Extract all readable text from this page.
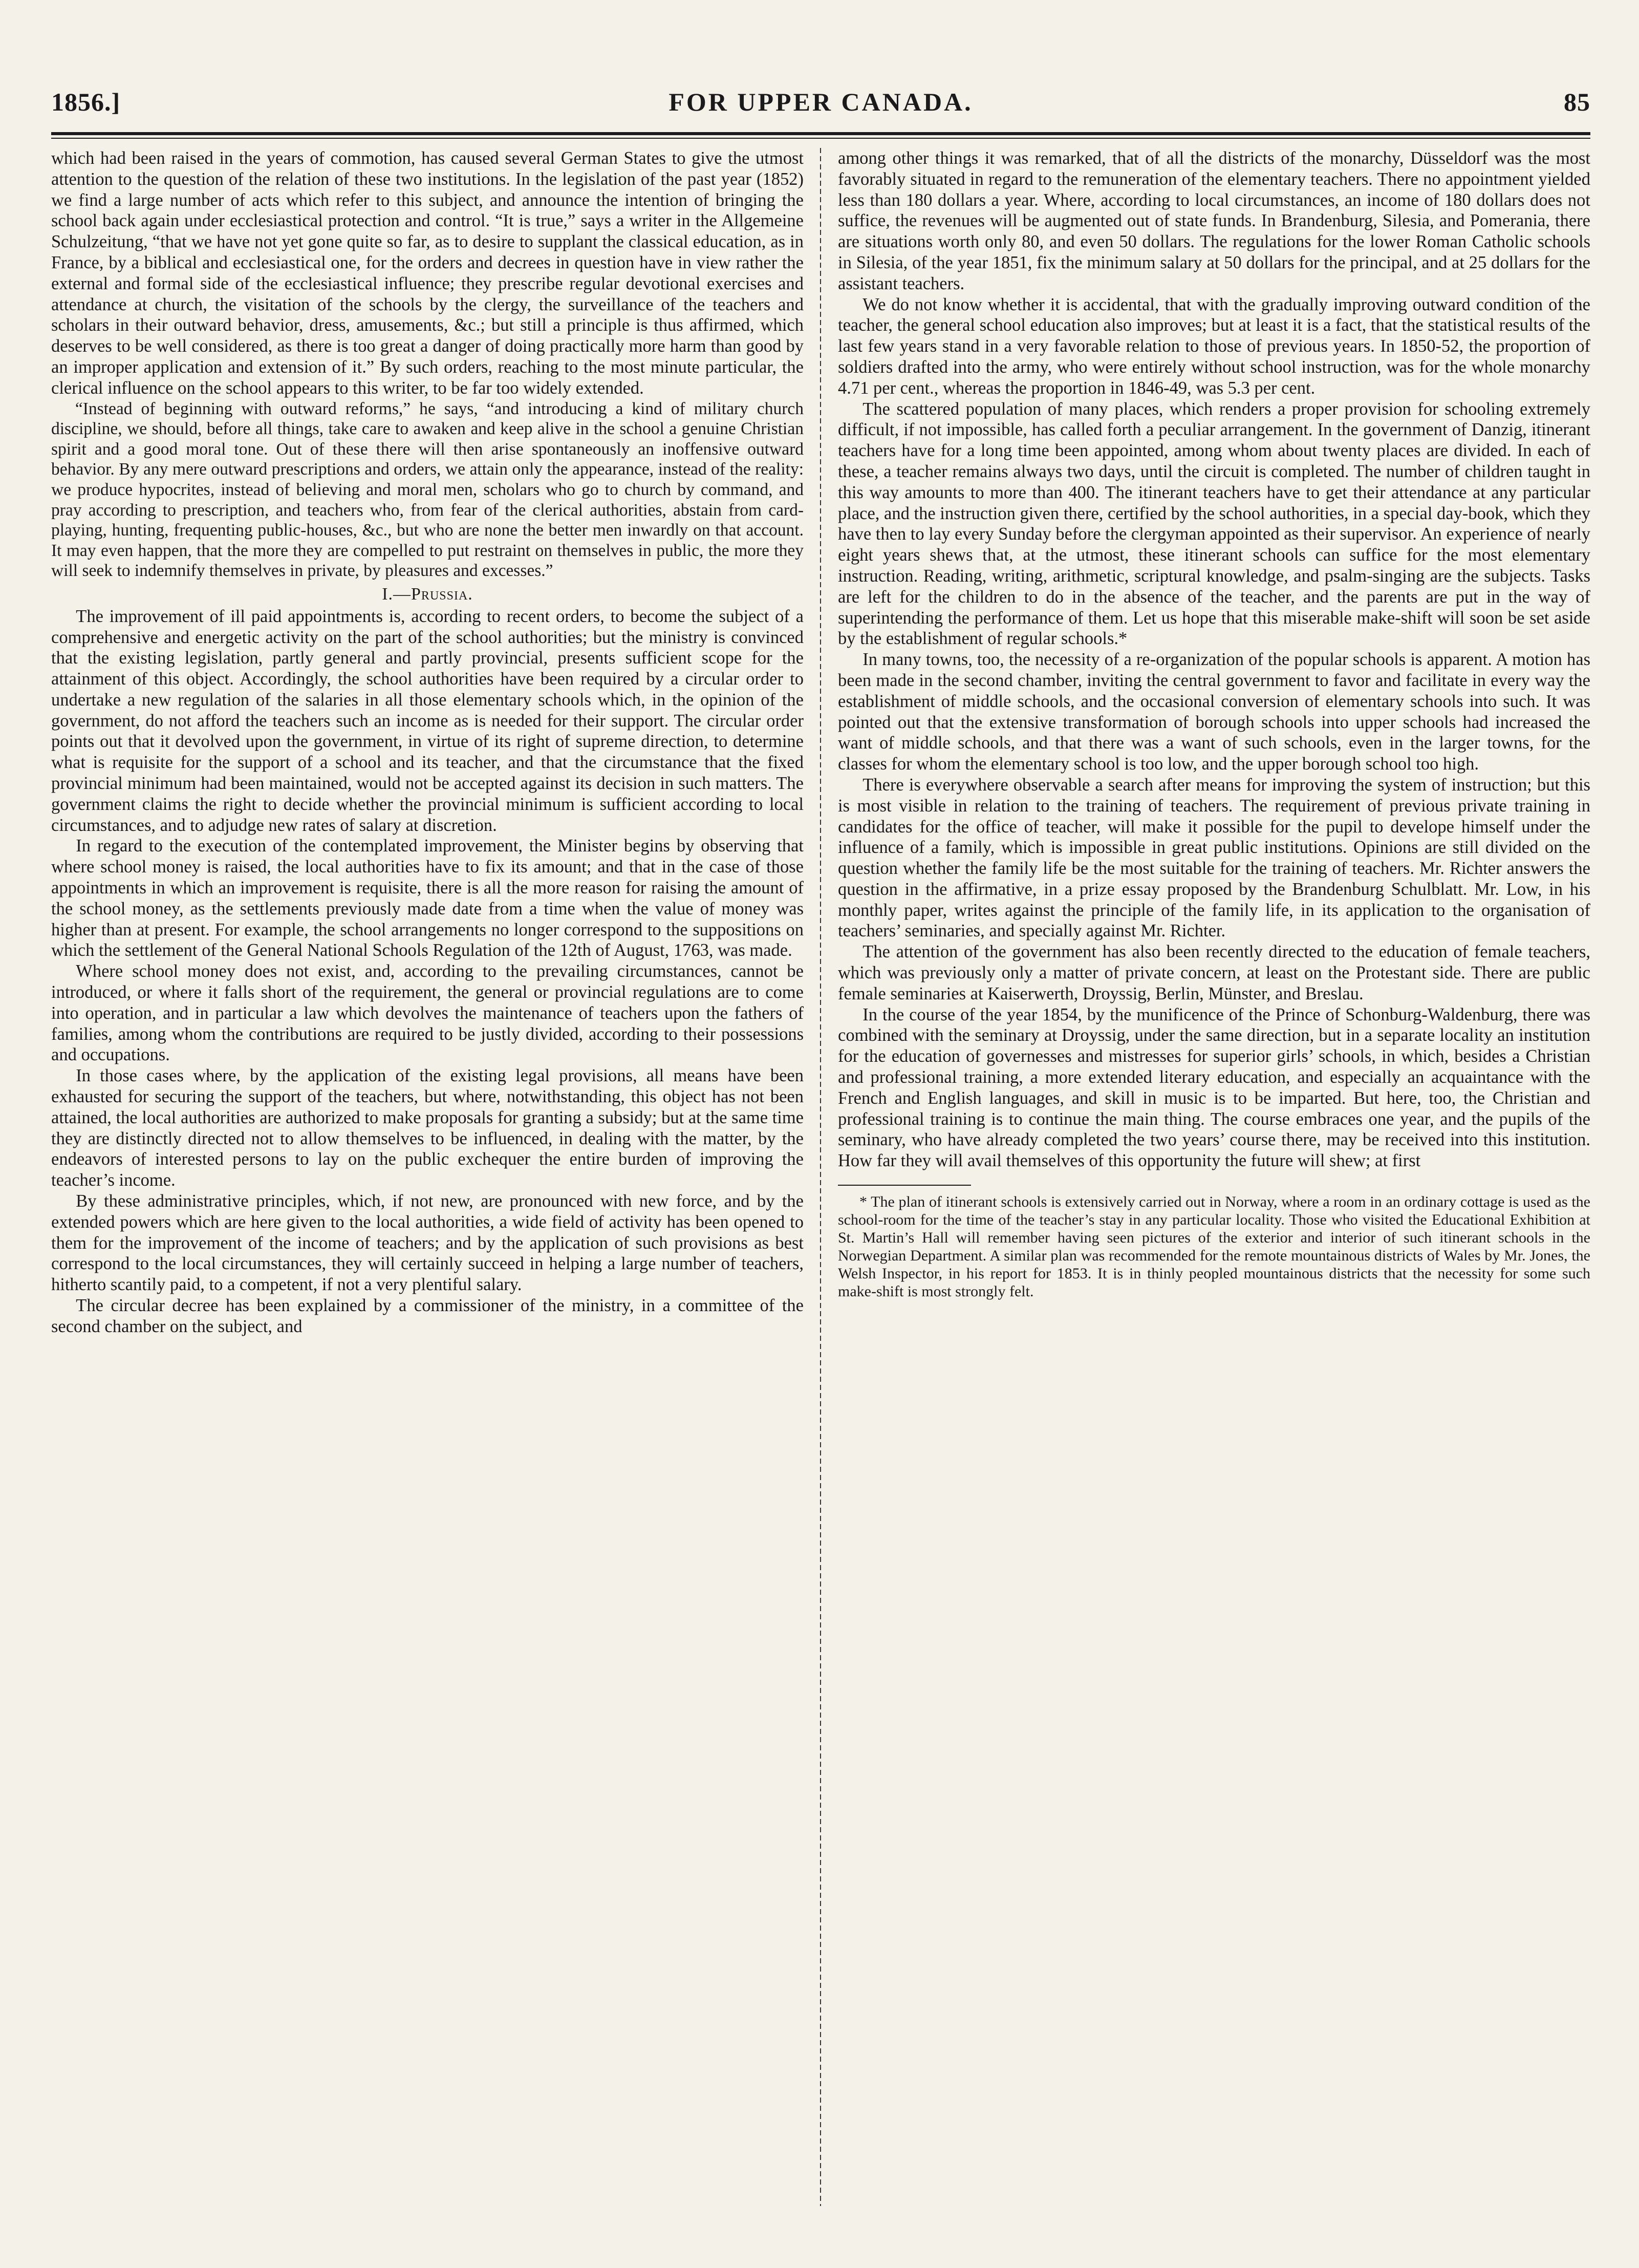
1856.]	FOR UPPER CANADA.	85

which had been raised in the years of commotion, has caused several German States to give the utmost attention to the question of the relation of these two institutions. In the legislation of the past year (1852) we find a large number of acts which refer to this subject, and announce the intention of bringing the school back again under ecclesiastical protection and control. “It is true,” says a writer in the Allgemeine Schulzeitung, “that we have not yet gone quite so far, as to desire to supplant the classical education, as in France, by a biblical and ecclesiastical one, for the orders and decrees in question have in view rather the external and formal side of the ecclesiastical influence; they prescribe regular devotional exercises and attendance at church, the visitation of the schools by the clergy, the surveillance of the teachers and scholars in their outward behavior, dress, amusements, &c.; but still a principle is thus affirmed, which deserves to be well considered, as there is too great a danger of doing practically more harm than good by an improper application and extension of it.” By such orders, reaching to the most minute particular, the clerical influence on the school appears to this writer, to be far too widely extended.

“Instead of beginning with outward reforms,” he says, “and introducing a kind of military church discipline, we should, before all things, take care to awaken and keep alive in the school a genuine Christian spirit and a good moral tone. Out of these there will then arise spontaneously an inoffensive outward behavior. By any mere outward prescriptions and orders, we attain only the appearance, instead of the reality: we produce hypocrites, instead of believing and moral men, scholars who go to church by command, and pray according to prescription, and teachers who, from fear of the clerical authorities, abstain from card-playing, hunting, frequenting public-houses, &c., but who are none the better men inwardly on that account. It may even happen, that the more they are compelled to put restraint on themselves in public, the more they will seek to indemnify themselves in private, by pleasures and excesses.”

I.—Prussia.

The improvement of ill paid appointments is, according to recent orders, to become the subject of a comprehensive and energetic activity on the part of the school authorities; but the ministry is convinced that the existing legislation, partly general and partly provincial, presents sufficient scope for the attainment of this object. Accordingly, the school authorities have been required by a circular order to undertake a new regulation of the salaries in all those elementary schools which, in the opinion of the government, do not afford the teachers such an income as is needed for their support. The circular order points out that it devolved upon the government, in virtue of its right of supreme direction, to determine what is requisite for the support of a school and its teacher, and that the circumstance that the fixed provincial minimum had been maintained, would not be accepted against its decision in such matters. The government claims the right to decide whether the provincial minimum is sufficient according to local circumstances, and to adjudge new rates of salary at discretion.

In regard to the execution of the contemplated improvement, the Minister begins by observing that where school money is raised, the local authorities have to fix its amount; and that in the case of those appointments in which an improvement is requisite, there is all the more reason for raising the amount of the school money, as the settlements previously made date from a time when the value of money was higher than at present. For example, the school arrangements no longer correspond to the suppositions on which the settlement of the General National Schools Regulation of the 12th of August, 1763, was made.

Where school money does not exist, and, according to the prevailing circumstances, cannot be introduced, or where it falls short of the requirement, the general or provincial regulations are to come into operation, and in particular a law which devolves the maintenance of teachers upon the fathers of families, among whom the contributions are required to be justly divided, according to their possessions and occupations.

In those cases where, by the application of the existing legal provisions, all means have been exhausted for securing the support of the teachers, but where, notwithstanding, this object has not been attained, the local authorities are authorized to make proposals for granting a subsidy; but at the same time they are distinctly directed not to allow themselves to be influenced, in dealing with the matter, by the endeavors of interested persons to lay on the public exchequer the entire burden of improving the teacher’s income.

By these administrative principles, which, if not new, are pronounced with new force, and by the extended powers which are here given to the local authorities, a wide field of activity has been opened to them for the improvement of the income of teachers; and by the application of such provisions as best correspond to the local circumstances, they will certainly succeed in helping a large number of teachers, hitherto scantily paid, to a competent, if not a very plentiful salary.

The circular decree has been explained by a commissioner of the ministry, in a committee of the second chamber on the subject, and

among other things it was remarked, that of all the districts of the monarchy, Düsseldorf was the most favorably situated in regard to the remuneration of the elementary teachers. There no appointment yielded less than 180 dollars a year. Where, according to local circumstances, an income of 180 dollars does not suffice, the revenues will be augmented out of state funds. In Brandenburg, Silesia, and Pomerania, there are situations worth only 80, and even 50 dollars. The regulations for the lower Roman Catholic schools in Silesia, of the year 1851, fix the minimum salary at 50 dollars for the principal, and at 25 dollars for the assistant teachers.

We do not know whether it is accidental, that with the gradually improving outward condition of the teacher, the general school education also improves; but at least it is a fact, that the statistical results of the last few years stand in a very favorable relation to those of previous years. In 1850-52, the proportion of soldiers drafted into the army, who were entirely without school instruction, was for the whole monarchy 4.71 per cent., whereas the proportion in 1846-49, was 5.3 per cent.

The scattered population of many places, which renders a proper provision for schooling extremely difficult, if not impossible, has called forth a peculiar arrangement. In the government of Danzig, itinerant teachers have for a long time been appointed, among whom about twenty places are divided. In each of these, a teacher remains always two days, until the circuit is completed. The number of children taught in this way amounts to more than 400. The itinerant teachers have to get their attendance at any particular place, and the instruction given there, certified by the school authorities, in a special day-book, which they have then to lay every Sunday before the clergyman appointed as their supervisor. An experience of nearly eight years shews that, at the utmost, these itinerant schools can suffice for the most elementary instruction. Reading, writing, arithmetic, scriptural knowledge, and psalm-singing are the subjects. Tasks are left for the children to do in the absence of the teacher, and the parents are put in the way of superintending the performance of them. Let us hope that this miserable make-shift will soon be set aside by the establishment of regular schools.*

In many towns, too, the necessity of a re-organization of the popular schools is apparent. A motion has been made in the second chamber, inviting the central government to favor and facilitate in every way the establishment of middle schools, and the occasional conversion of elementary schools into such. It was pointed out that the extensive transformation of borough schools into upper schools had increased the want of middle schools, and that there was a want of such schools, even in the larger towns, for the classes for whom the elementary school is too low, and the upper borough school too high.

There is everywhere observable a search after means for improving the system of instruction; but this is most visible in relation to the training of teachers. The requirement of previous private training in candidates for the office of teacher, will make it possible for the pupil to develope himself under the influence of a family, which is impossible in great public institutions. Opinions are still divided on the question whether the family life be the most suitable for the training of teachers. Mr. Richter answers the question in the affirmative, in a prize essay proposed by the Brandenburg Schulblatt. Mr. Low, in his monthly paper, writes against the principle of the family life, in its application to the organisation of teachers’ seminaries, and specially against Mr. Richter.

The attention of the government has also been recently directed to the education of female teachers, which was previously only a matter of private concern, at least on the Protestant side. There are public female seminaries at Kaiserwerth, Droyssig, Berlin, Münster, and Breslau.

In the course of the year 1854, by the munificence of the Prince of Schonburg-Waldenburg, there was combined with the seminary at Droyssig, under the same direction, but in a separate locality an institution for the education of governesses and mistresses for superior girls’ schools, in which, besides a Christian and professional training, a more extended literary education, and especially an acquaintance with the French and English languages, and skill in music is to be imparted. But here, too, the Christian and professional training is to continue the main thing. The course embraces one year, and the pupils of the seminary, who have already completed the two years’ course there, may be received into this institution. How far they will avail themselves of this opportunity the future will shew; at first

* The plan of itinerant schools is extensively carried out in Norway, where a room in an ordinary cottage is used as the school-room for the time of the teacher’s stay in any particular locality. Those who visited the Educational Exhibition at St. Martin’s Hall will remember having seen pictures of the exterior and interior of such itinerant schools in the Norwegian Department. A similar plan was recommended for the remote mountainous districts of Wales by Mr. Jones, the Welsh Inspector, in his report for 1853. It is in thinly peopled mountainous districts that the necessity for some such make-shift is most strongly felt.
